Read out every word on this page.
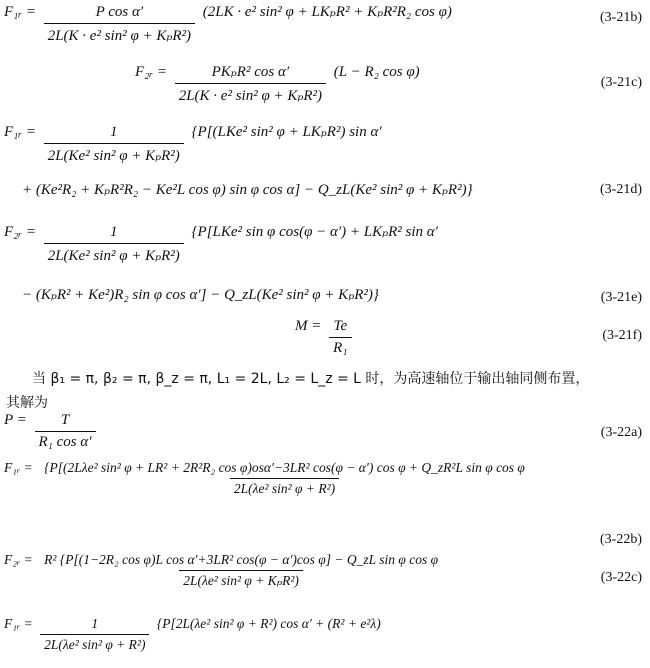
F₁ᵣ = $\frac{\text{P cos α′}}{\text{2L(K · e² sin² φ + KₚR²)}} (2LK \cdot e^2$ sin² φ + LKₚR² + KₚR²R₂ cos φ)	(3-21b)
F₂ᵣ = $\frac{\text{PKₚR² cos α′}}{\text{2L(K · e² sin² φ + KₚR²)}} (L - R_2$ cos φ)
(3-21c)
F₁ᵣ = $\frac{1}{\text{2L(Ke² sin² φ + KₚR²)}} \{P[(LKe^2$ sin² φ + LKₚR²) sin α′
+ (Ke²R₂ + KₚR²R₂ − Ke²L cos φ) sin φ cos α] − Q_zL(Ke² sin² φ + KₚR²)}	(3-21d)
F₂ᵣ = $\frac{1}{\text{2L(Ke² sin² φ + KₚR²)}} \{P[LKe^2$ sin φ cos(φ − α′) + LKₚR² sin α′
− (KₚR² + Ke²)R₂ sin φ cos α′] − Q_zL(Ke² sin² φ + KₚR²)}	(3-21e)
$M = \frac{Te}{\text{R₁}}$	(3-21f)
当 β₁ = π, β₂ = π, β_z = π, L₁ = 2L, L₂ = L_z = L 时，为高速轴位于输出轴同侧布置，
其解为
$P = \frac{T}{\text{R₁ cos α′}}$	(3-22a)
F₁ᵣ = {P[(2Lλe² sin² φ + LR² + 2R²R₂ cos φ)osα′−3LR² cos(φ − α′) cos φ + Q_zR²L sin φ cos φ
2L(λe² sin² φ + R²)
(3-22b)
F₂ᵣ = R² {P[(1−2R₂ cos φ)L cos α′+3LR² cos(φ − α′)cos φ] − Q_zL sin φ cos φ
2L(λe² sin² φ + KₚR²)	(3-22c)
F₁ᵣ = $\frac{1}{\text{2L(λe² sin² φ + R²)}} \{P[2L(\lambda e^2$ sin² φ + R²) cos α′ + (R² + e²λ)
